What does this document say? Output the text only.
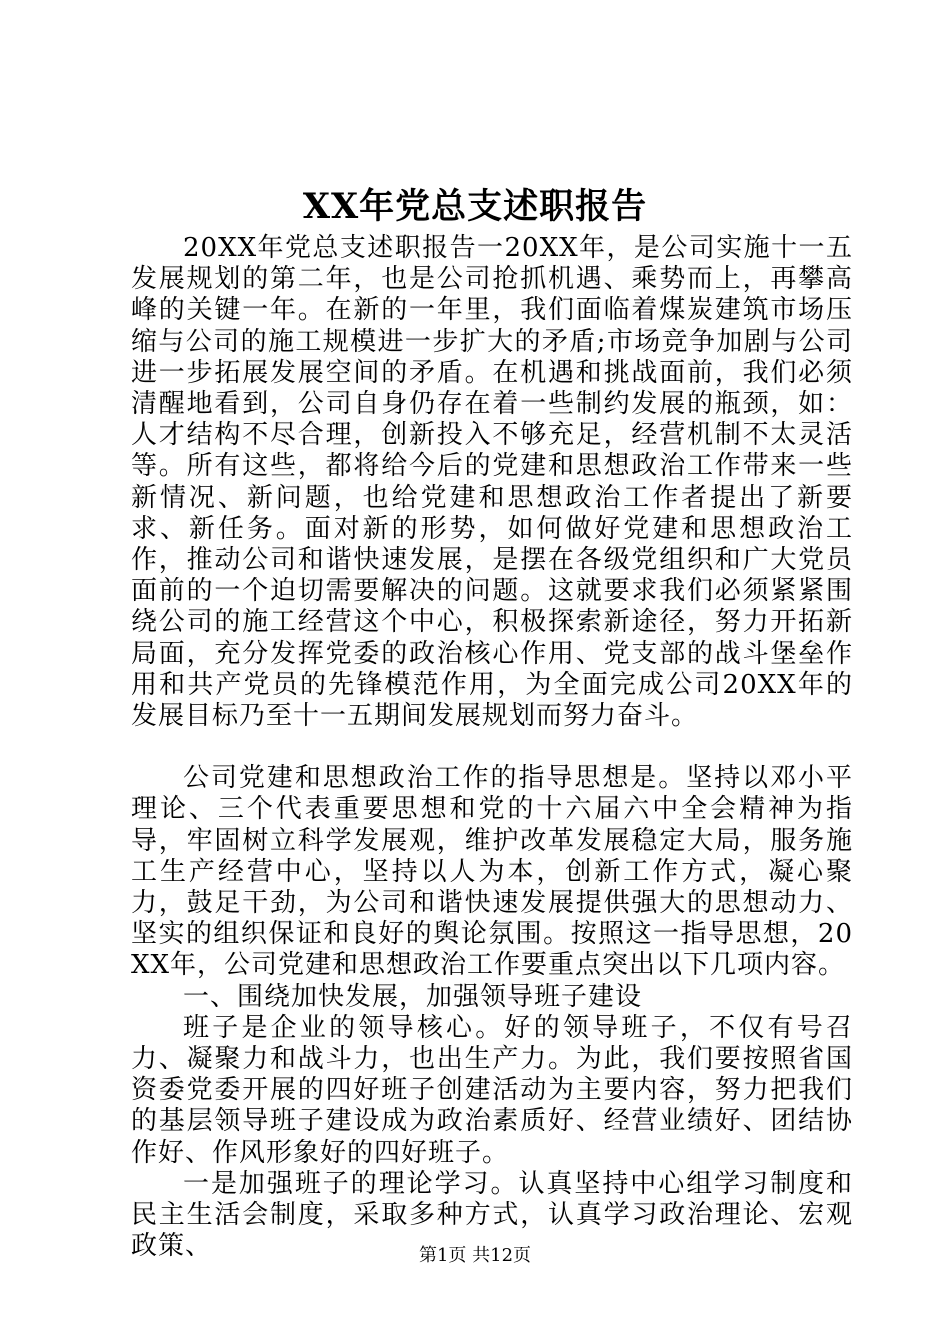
XX年党总支述职报告

20XX年党总支述职报告一20XX年，是公司实施十一五发展规划的第二年，也是公司抢抓机遇、乘势而上，再攀高峰的关键一年。在新的一年里，我们面临着煤炭建筑市场压缩与公司的施工规模进一步扩大的矛盾;市场竞争加剧与公司进一步拓展发展空间的矛盾。在机遇和挑战面前，我们必须清醒地看到，公司自身仍存在着一些制约发展的瓶颈，如：人才结构不尽合理，创新投入不够充足，经营机制不太灵活等。所有这些，都将给今后的党建和思想政治工作带来一些新情况、新问题，也给党建和思想政治工作者提出了新要求、新任务。面对新的形势，如何做好党建和思想政治工作，推动公司和谐快速发展，是摆在各级党组织和广大党员面前的一个迫切需要解决的问题。这就要求我们必须紧紧围绕公司的施工经营这个中心，积极探索新途径，努力开拓新局面，充分发挥党委的政治核心作用、党支部的战斗堡垒作用和共产党员的先锋模范作用，为全面完成公司20XX年的发展目标乃至十一五期间发展规划而努力奋斗。

公司党建和思想政治工作的指导思想是。坚持以邓小平理论、三个代表重要思想和党的十六届六中全会精神为指导，牢固树立科学发展观，维护改革发展稳定大局，服务施工生产经营中心，坚持以人为本，创新工作方式，凝心聚力，鼓足干劲，为公司和谐快速发展提供强大的思想动力、坚实的组织保证和良好的舆论氛围。按照这一指导思想，20XX年，公司党建和思想政治工作要重点突出以下几项内容。

一、围绕加快发展，加强领导班子建设

班子是企业的领导核心。好的领导班子，不仅有号召力、凝聚力和战斗力，也出生产力。为此，我们要按照省国资委党委开展的四好班子创建活动为主要内容，努力把我们的基层领导班子建设成为政治素质好、经营业绩好、团结协作好、作风形象好的四好班子。

一是加强班子的理论学习。认真坚持中心组学习制度和民主生活会制度，采取多种方式，认真学习政治理论、宏观政策、	第1页 共12页
